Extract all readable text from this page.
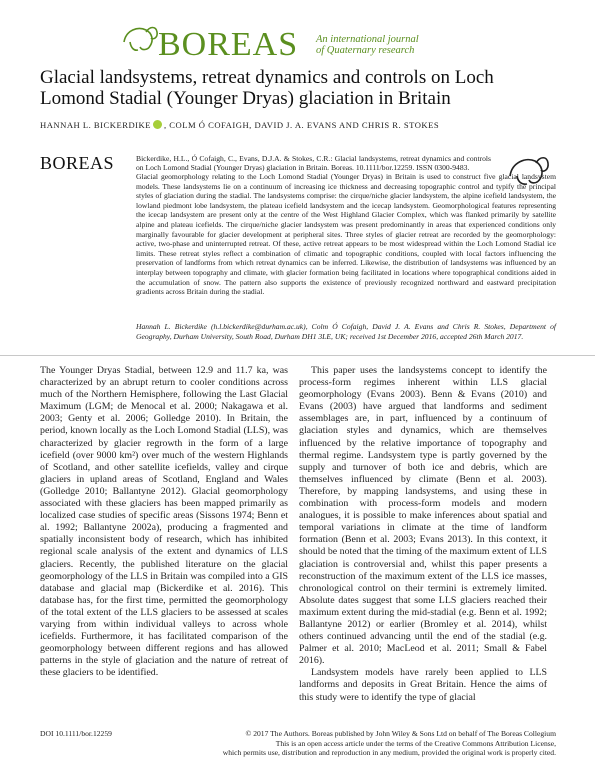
BOREAS An international journal
of Quaternary research
Glacial landsystems, retreat dynamics and controls on Loch Lomond Stadial (Younger Dryas) glaciation in Britain
HANNAH L. BICKERDIKE , COLM Ó COFAIGH, DAVID J. A. EVANS AND CHRIS R. STOKES
BOREAS	Bickerdike, H.L., Ó Cofaigh, C., Evans, D.J.A. & Stokes, C.R.: Glacial landsystems, retreat dynamics and controls on Loch Lomond Stadial (Younger Dryas) glaciation in Britain. Boreas. 10.1111/bor.12259. ISSN 0300-9483.
Glacial geomorphology relating to the Loch Lomond Stadial (Younger Dryas) in Britain is used to construct five glacial landsystem models. These landsystems lie on a continuum of increasing ice thickness and decreasing topographic control and typify the principal styles of glaciation during the stadial. The landsystems comprise: the cirque/niche glacier landsystem, the alpine icefield landsystem, the lowland piedmont lobe landsystem, the plateau icefield landsystem and the icecap landsystem. Geomorphological features representing the icecap landsystem are present only at the centre of the West Highland Glacier Complex, which was flanked primarily by satellite alpine and plateau icefields. The cirque/niche glacier landsystem was present predominantly in areas that experienced conditions only marginally favourable for glacier development at peripheral sites. Three styles of glacier retreat are recorded by the geomorphology: active, two-phase and uninterrupted retreat. Of these, active retreat appears to be most widespread within the Loch Lomond Stadial ice limits. These retreat styles reflect a combination of climatic and topographic conditions, coupled with local factors influencing the preservation of landforms from which retreat dynamics can be inferred. Likewise, the distribution of landsystems was influenced by an interplay between topography and climate, with glacier formation being facilitated in locations where topographical conditions aided in the accumulation of snow. The pattern also supports the existence of previously recognized northward and eastward precipitation gradients across Britain during the stadial.
Hannah L. Bickerdike (h.l.bickerdike@durham.ac.uk), Colm Ó Cofaigh, David J. A. Evans and Chris R. Stokes, Department of Geography, Durham University, South Road, Durham DH1 3LE, UK; received 1st December 2016, accepted 26th March 2017.

The Younger Dryas Stadial, between 12.9 and 11.7 ka, was characterized by an abrupt return to cooler conditions across much of the Northern Hemisphere, following the Last Glacial Maximum (LGM; de Menocal et al. 2000; Nakagawa et al. 2003; Genty et al. 2006; Golledge 2010). In Britain, the period, known locally as the Loch Lomond Stadial (LLS), was characterized by glacier regrowth in the form of a large icefield (over 9000 km²) over much of the western Highlands of Scotland, and other satellite icefields, valley and cirque glaciers in upland areas of Scotland, England and Wales (Golledge 2010; Ballantyne 2012). Glacial geomorphology associated with these glaciers has been mapped primarily as localized case studies of specific areas (Sissons 1974; Benn et al. 1992; Ballantyne 2002a), producing a fragmented and spatially inconsistent body of research, which has inhibited regional scale analysis of the extent and dynamics of LLS glaciers. Recently, the published literature on the glacial geomorphology of the LLS in Britain was compiled into a GIS database and glacial map (Bickerdike et al. 2016). This database has, for the first time, permitted the geomorphology of the total extent of the LLS glaciers to be assessed at scales varying from within individual valleys to across whole icefields. Furthermore, it has facilitated comparison of the geomorphology between different regions and has allowed patterns in the style of glaciation and the nature of retreat of these glaciers to be identified.

This paper uses the landsystems concept to identify the process-form regimes inherent within LLS glacial geomorphology (Evans 2003). Benn & Evans (2010) and Evans (2003) have argued that landforms and sediment assemblages are, in part, influenced by a continuum of glaciation styles and dynamics, which are themselves influenced by the relative importance of topography and thermal regime. Landsystem type is partly governed by the supply and turnover of both ice and debris, which are themselves influenced by climate (Benn et al. 2003). Therefore, by mapping landsystems, and using these in combination with process-form models and modern analogues, it is possible to make inferences about spatial and temporal variations in climate at the time of landform formation (Benn et al. 2003; Evans 2013). In this context, it should be noted that the timing of the maximum extent of LLS glaciation is controversial and, whilst this paper presents a reconstruction of the maximum extent of the LLS ice masses, chronological control on their termini is extremely limited. Absolute dates suggest that some LLS glaciers reached their maximum extent during the mid-stadial (e.g. Benn et al. 1992; Ballantyne 2012) or earlier (Bromley et al. 2014), whilst others continued advancing until the end of the stadial (e.g. Palmer et al. 2010; MacLeod et al. 2011; Small & Fabel 2016).

Landsystem models have rarely been applied to LLS landforms and deposits in Great Britain. Hence the aims of this study were to identify the type of glacial

DOI 10.1111/bor.12259	© 2017 The Authors. Boreas published by John Wiley & Sons Ltd on behalf of The Boreas Collegium
This is an open access article under the terms of the Creative Commons Attribution License,
which permits use, distribution and reproduction in any medium, provided the original work is properly cited.
